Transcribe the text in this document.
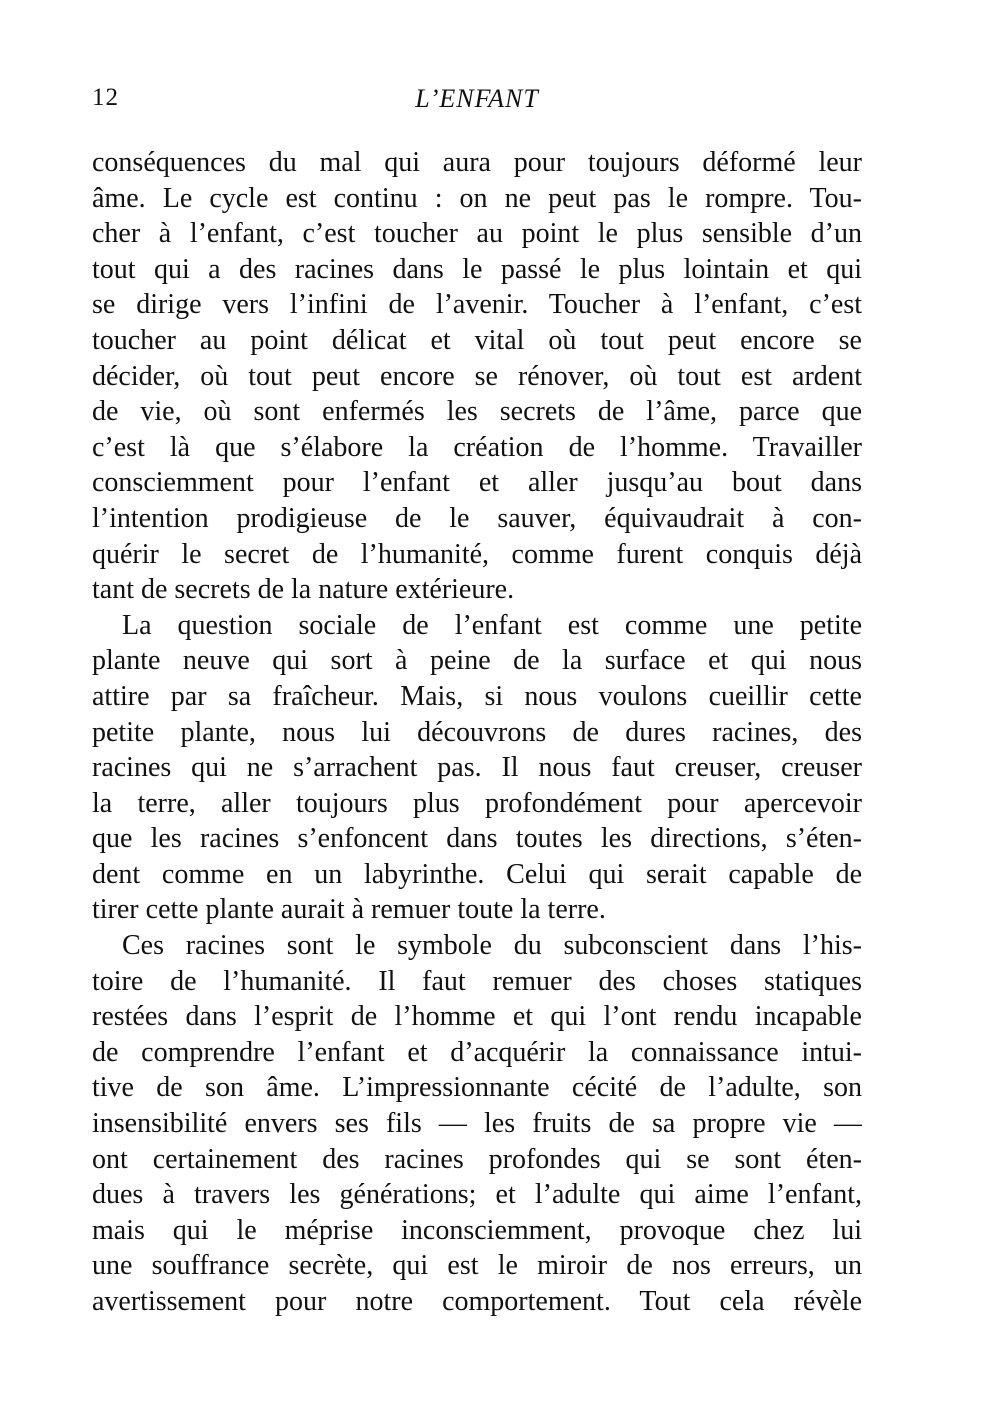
12	L’ENFANT
conséquences du mal qui aura pour toujours déformé leur
âme. Le cycle est continu : on ne peut pas le rompre. Tou-
cher à l’enfant, c’est toucher au point le plus sensible d’un
tout qui a des racines dans le passé le plus lointain et qui
se dirige vers l’infini de l’avenir. Toucher à l’enfant, c’est
toucher au point délicat et vital où tout peut encore se
décider, où tout peut encore se rénover, où tout est ardent
de vie, où sont enfermés les secrets de l’âme, parce que
c’est là que s’élabore la création de l’homme. Travailler
consciemment pour l’enfant et aller jusqu’au bout dans
l’intention prodigieuse de le sauver, équivaudrait à con-
quérir le secret de l’humanité, comme furent conquis déjà
tant de secrets de la nature extérieure.
La question sociale de l’enfant est comme une petite
plante neuve qui sort à peine de la surface et qui nous
attire par sa fraîcheur. Mais, si nous voulons cueillir cette
petite plante, nous lui découvrons de dures racines, des
racines qui ne s’arrachent pas. Il nous faut creuser, creuser
la terre, aller toujours plus profondément pour apercevoir
que les racines s’enfoncent dans toutes les directions, s’éten-
dent comme en un labyrinthe. Celui qui serait capable de
tirer cette plante aurait à remuer toute la terre.
Ces racines sont le symbole du subconscient dans l’his-
toire de l’humanité. Il faut remuer des choses statiques
restées dans l’esprit de l’homme et qui l’ont rendu incapable
de comprendre l’enfant et d’acquérir la connaissance intui-
tive de son âme. L’impressionnante cécité de l’adulte, son
insensibilité envers ses fils — les fruits de sa propre vie —
ont certainement des racines profondes qui se sont éten-
dues à travers les générations; et l’adulte qui aime l’enfant,
mais qui le méprise inconsciemment, provoque chez lui
une souffrance secrète, qui est le miroir de nos erreurs, un
avertissement pour notre comportement. Tout cela révèle
